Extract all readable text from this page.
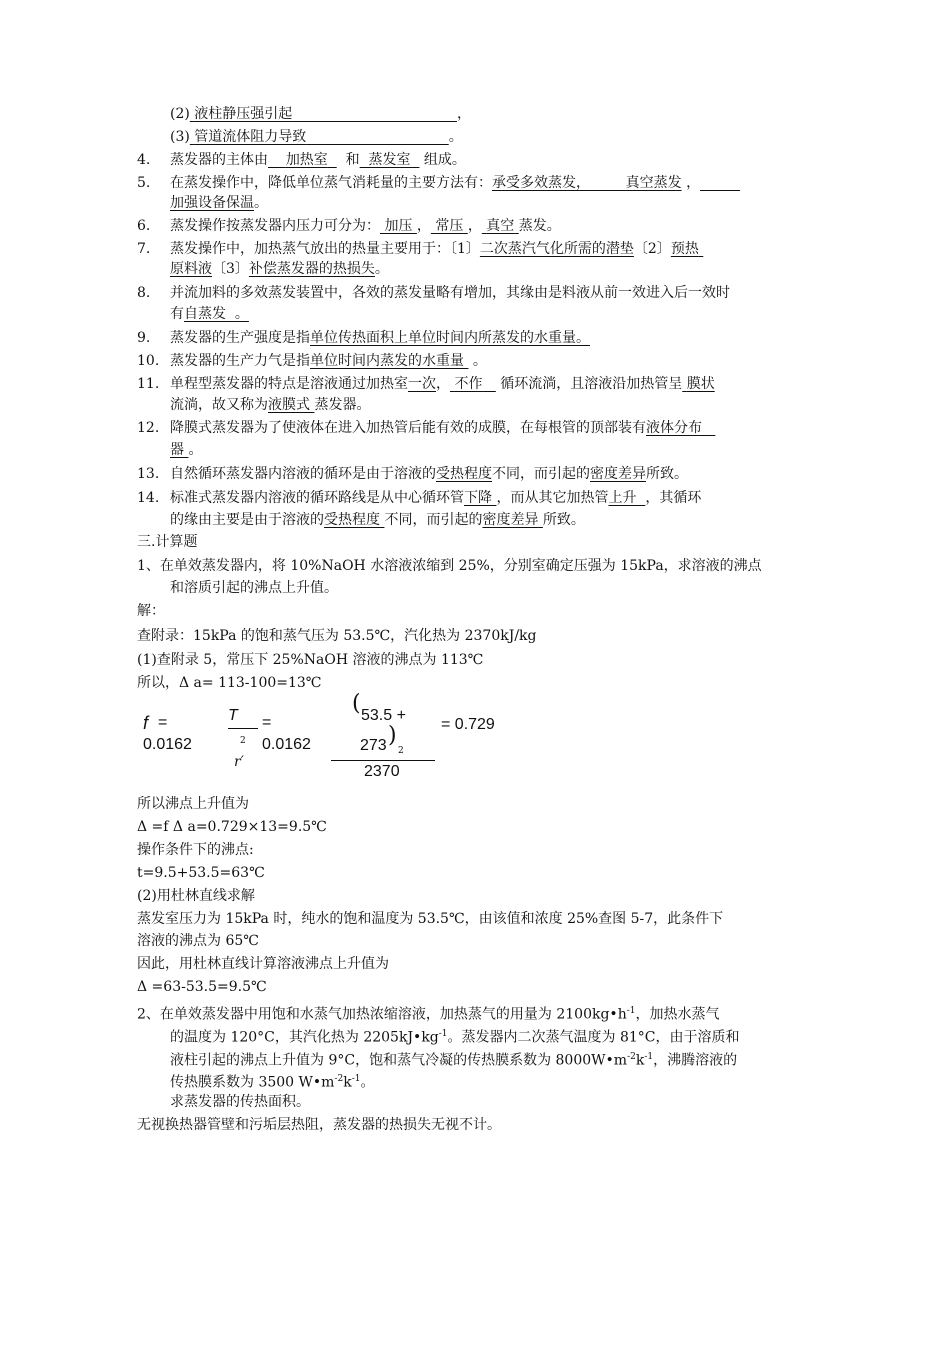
(2) 液柱静压强引起	，
(3) 管道流体阻力导致	。
4. 蒸发器的主体由 加热室 和 蒸发室 组成。
5. 在蒸发操作中，降低单位蒸气消耗量的主要方法有：承受多效蒸发，	真空蒸发 ，
加强设备保温。
6. 蒸发操作按蒸发器内压力可分为： 加压 ， 常压 ， 真空 蒸发。
7. 蒸发操作中，加热蒸气放出的热量主要用于：〔1〕二次蒸汽气化所需的潜垫〔2〕预热
原料液〔3〕补偿蒸发器的热损失。
8. 并流加料的多效蒸发装置中，各效的蒸发量略有增加，其缘由是料液从前一效进入后一效时
有自蒸发 。
9. 蒸发器的生产强度是指单位传热面积上单位时间内所蒸发的水重量。
10. 蒸发器的生产力气是指单位时间内蒸发的水重量 。
11. 单程型蒸发器的特点是溶液通过加热室一次， 不作 循环流淌，且溶液沿加热管呈 膜状
流淌，故又称为液膜式 蒸发器。
12. 降膜式蒸发器为了使液体在进入加热管后能有效的成膜，在每根管的顶部装有液体分布
器 。
13. 自然循环蒸发器内溶液的循环是由于溶液的受热程度不同，而引起的密度差异所致。
14. 标准式蒸发器内溶液的循环路线是从中心循环管下降 ，而从其它加热管上升 ，其循环
的缘由主要是由于溶液的受热程度 不同，而引起的密度差异 所致。
三.计算题
1、在单效蒸发器内，将 10%NaOH 水溶液浓缩到 25%，分别室确定压强为 15kPa，求溶液的沸点
和溶质引起的沸点上升值。
解：
查附录：15kPa 的饱和蒸气压为 53.5℃，汽化热为 2370kJ/kg
(1)查附录 5，常压下 25%NaOH 溶液的沸点为 113℃
所以，Δ a= 113-100=13℃
f =
0.0162
T
2
r′
=
0.0162
( 53.5 +
273 )
2
2370
= 0.729
所以沸点上升值为
Δ =f Δ a=0.729×13=9.5℃
操作条件下的沸点:
t=9.5+53.5=63℃
(2)用杜林直线求解
蒸发室压力为 15kPa 时，纯水的饱和温度为 53.5℃，由该值和浓度 25%查图 5-7，此条件下
溶液的沸点为 65℃
因此，用杜林直线计算溶液沸点上升值为
Δ =63-53.5=9.5℃
2、在单效蒸发器中用饱和水蒸气加热浓缩溶液，加热蒸气的用量为 $2100kg•h^{-1}$，加热水蒸气
的温度为 120°C，其汽化热为 $2205kJ•kg^{-1}$。蒸发器内二次蒸气温度为 81°C，由于溶质和
液柱引起的沸点上升值为 9°C，饱和蒸气冷凝的传热膜系数为 $8000W•m^{-2}k^{-1}$，沸腾溶液的
传热膜系数为 3500 $W•m^{-2}k^{-1}$。
求蒸发器的传热面积。
无视换热器管壁和污垢层热阻，蒸发器的热损失无视不计。
